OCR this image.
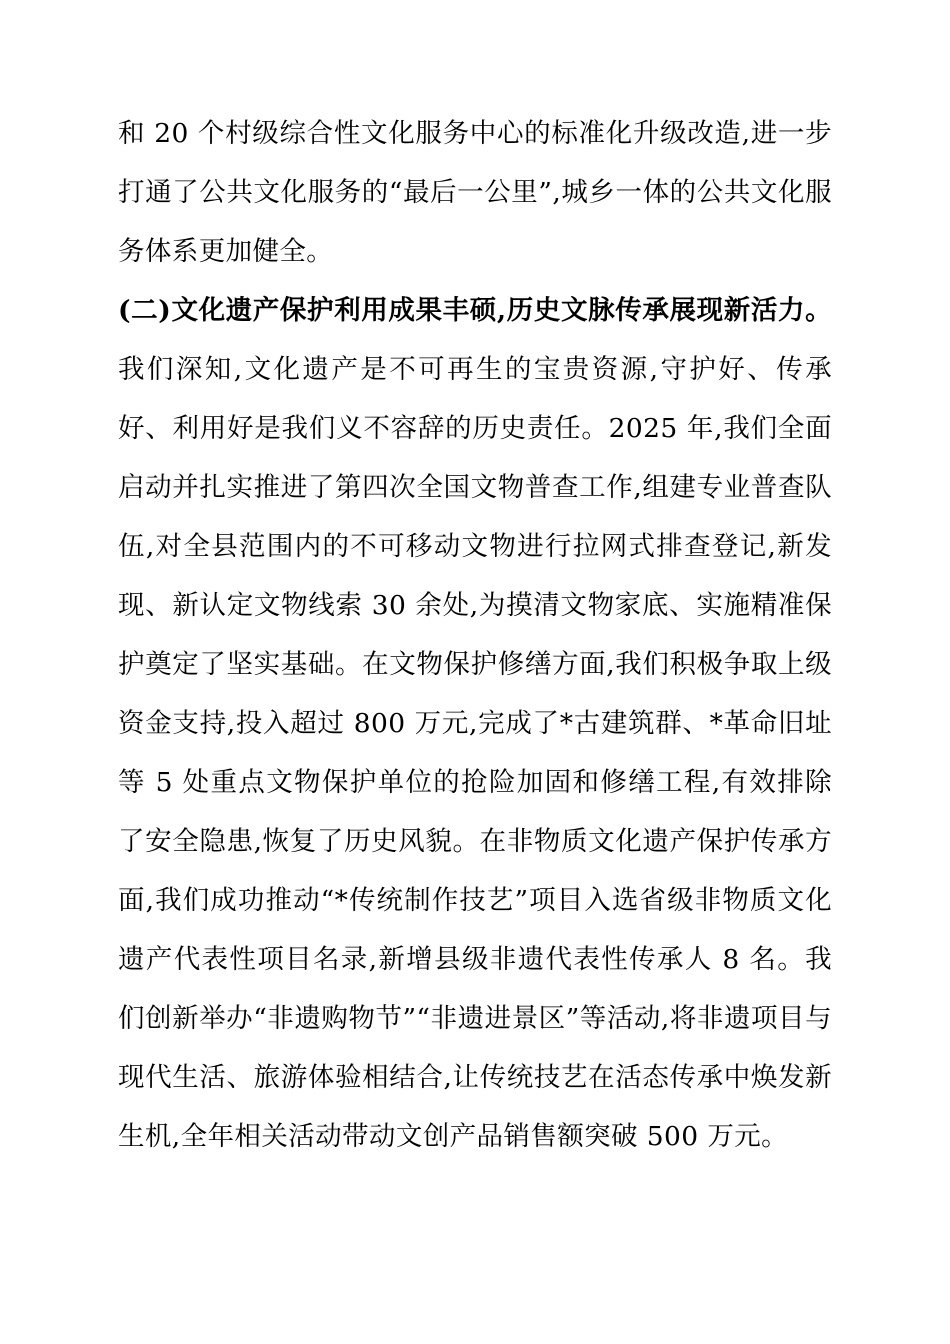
和 20 个村级综合性文化服务中心的标准化升级改造,进一步打通了公共文化服务的“最后一公里”,城乡一体的公共文化服务体系更加健全。

(二)文化遗产保护利用成果丰硕,历史文脉传承展现新活力。我们深知,文化遗产是不可再生的宝贵资源,守护好、传承好、利用好是我们义不容辞的历史责任。2025 年,我们全面启动并扎实推进了第四次全国文物普查工作,组建专业普查队伍,对全县范围内的不可移动文物进行拉网式排查登记,新发现、新认定文物线索 30 余处,为摸清文物家底、实施精准保护奠定了坚实基础。在文物保护修缮方面,我们积极争取上级资金支持,投入超过 800 万元,完成了*古建筑群、*革命旧址等 5 处重点文物保护单位的抢险加固和修缮工程,有效排除了安全隐患,恢复了历史风貌。在非物质文化遗产保护传承方面,我们成功推动“*传统制作技艺”项目入选省级非物质文化遗产代表性项目名录,新增县级非遗代表性传承人 8 名。我们创新举办“非遗购物节”“非遗进景区”等活动,将非遗项目与现代生活、旅游体验相结合,让传统技艺在活态传承中焕发新生机,全年相关活动带动文创产品销售额突破 500 万元。
